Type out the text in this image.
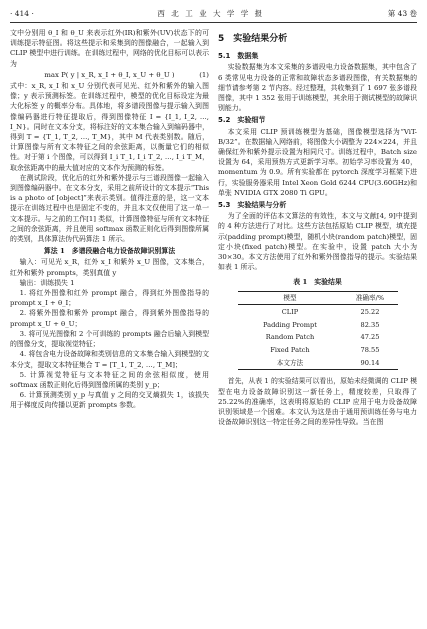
· 414 ·	西 北 工 业 大 学 学 报	第 43 卷

文中分别用 θ_I 和 θ_U 来表示红外(IR)和紫外(UV)状态下的可训练提示特征图。将这些提示和采集到的图像融合，一起输入到 CLIP 模型中进行训练。在训练过程中，网络的优化目标可以表示为

max P( y | x_R, x_I + θ_I, x_U + θ_U )	(1)

式中：x_R, x_I 和 x_U 分别代表可见光、红外和紫外的输入图像；y 表示预测标签。在训练过程中，模型的优化目标设定为最大化标签 y 的概率分布。具体地，将多谱段图像与提示输入到图像编码器进行特征提取后，得到图像特征 I = {I_1, I_2, …, I_N}。同时在文本分支，将标注好的文本集合输入到编码器中，得到 T = {T_1, T_2, …, T_M}，其中 M 代表类别数。随后，计算图像与所有文本特征之间的余弦距离，以衡量它们的相似性。对于第 i 个图像，可以得到 I_i T_1, I_i T_2, …, I_i T_M，取余弦距离中的最大值对应的文本作为预测的标签。

在测试阶段，优化后的红外和紫外提示与三谱段图像一起输入到图像编码器中。在文本分支，采用之前所设计的文本提示“This is a photo of [object]”来表示类别。值得注意的是，这一文本提示在训练过程中也是固定不变的，并且本文仅使用了这一单一文本提示。与之前的工作[1] 类似，计算图像特征与所有文本特征之间的余弦距离，并且使用 softmax 函数正则化后得到图像所属的类别，具体算法伪代码算法 1 所示。

算法 1　多谱段融合电力设备故障识别算法

输入：可见光 x_R，红外 x_I 和紫外 x_U 图像，文本集合，红外和紫外 prompts，类别真值 y

输出：训练损失 1

1. 将红外图像和红外 prompt 融合，得到红外图像指导的 prompt x_I + θ_I；

2. 将紫外图像和紫外 prompt 融合，得到紫外图像指导的 prompt x_U + θ_U；

3. 将可见光图像和 2 个可训练的 prompts 融合后输入到模型的图像分支，提取视觉特征；

4. 将包含电力设备故障和类别信息的文本集合输入到模型的文本分支，提取文本特征集合 T = [T_1, T_2, …, T_M]；

5. 计算视觉特征与文本特征之间的余弦相似度，使用 softmax 函数正则化后得到图像所属的类别 y_p；

6. 计算预测类别 y_p 与真值 y 之间的交叉熵损失 1，该损失用于梯度反向传播以更新 prompts 参数。

5　实验结果分析
5.1　数据集

实验数据集为本文采集的多谱段电力设备数据集，其中包含了 6 类常见电力设备的正常和故障状态多谱段图像，有关数据集的细节请参考第 2 节内容。经过整理，共收集到了 1 697 张多谱段图像，其中 1 352 张用于训练模型，其余用于测试模型的故障识别能力。

5.2　实验细节

本文采用 CLIP 预训练模型为基础，图像模型选择为“ViT-B/32”。在数据输入网络前，将图像大小调整为 224×224，并且确保红外和紫外提示设置为相同尺寸。训练过程中，Batch size 设置为 64，采用预热方式更新学习率。初始学习率设置为 40，momentum 为 0.9。所有实验都在 pytorch 深度学习框架下进行，实验服务器采用 Intel Xeon Gold 6244 CPU(3.60GHz)和单张 NVIDIA GTX 2080 Ti GPU。

5.3　实验结果与分析

为了全面的评估本文算法的有效性，本文与文献[4, 9]中提到的 4 种方法进行了对比。这些方法包括原始 CLIP 模型，填充提示(padding prompt)模型，随机小块(random patch)模型，固定小块(fixed patch)模型。在实验中，设置 patch 大小为 30×30。本文方法使用了红外和紫外图像指导的提示。实验结果如表 1 所示。

表 1　实验结果
模型	准确率/%
CLIP	25.22
Padding Prompt	82.35
Random Patch	47.25
Fixed Patch	78.55
本文方法	90.14

首先，从表 1 的实验结果可以看出，原始未经微调的 CLIP 模型在电力设备故障识别这一新任务上，精度较差，只取得了 25.22%的准确率，这表明将原始的 CLIP 应用于电力设备故障识别领域是一个困难。本文认为这是由于通用预训练任务与电力设备故障识别这一特定任务之间的差异性导致。当在图
